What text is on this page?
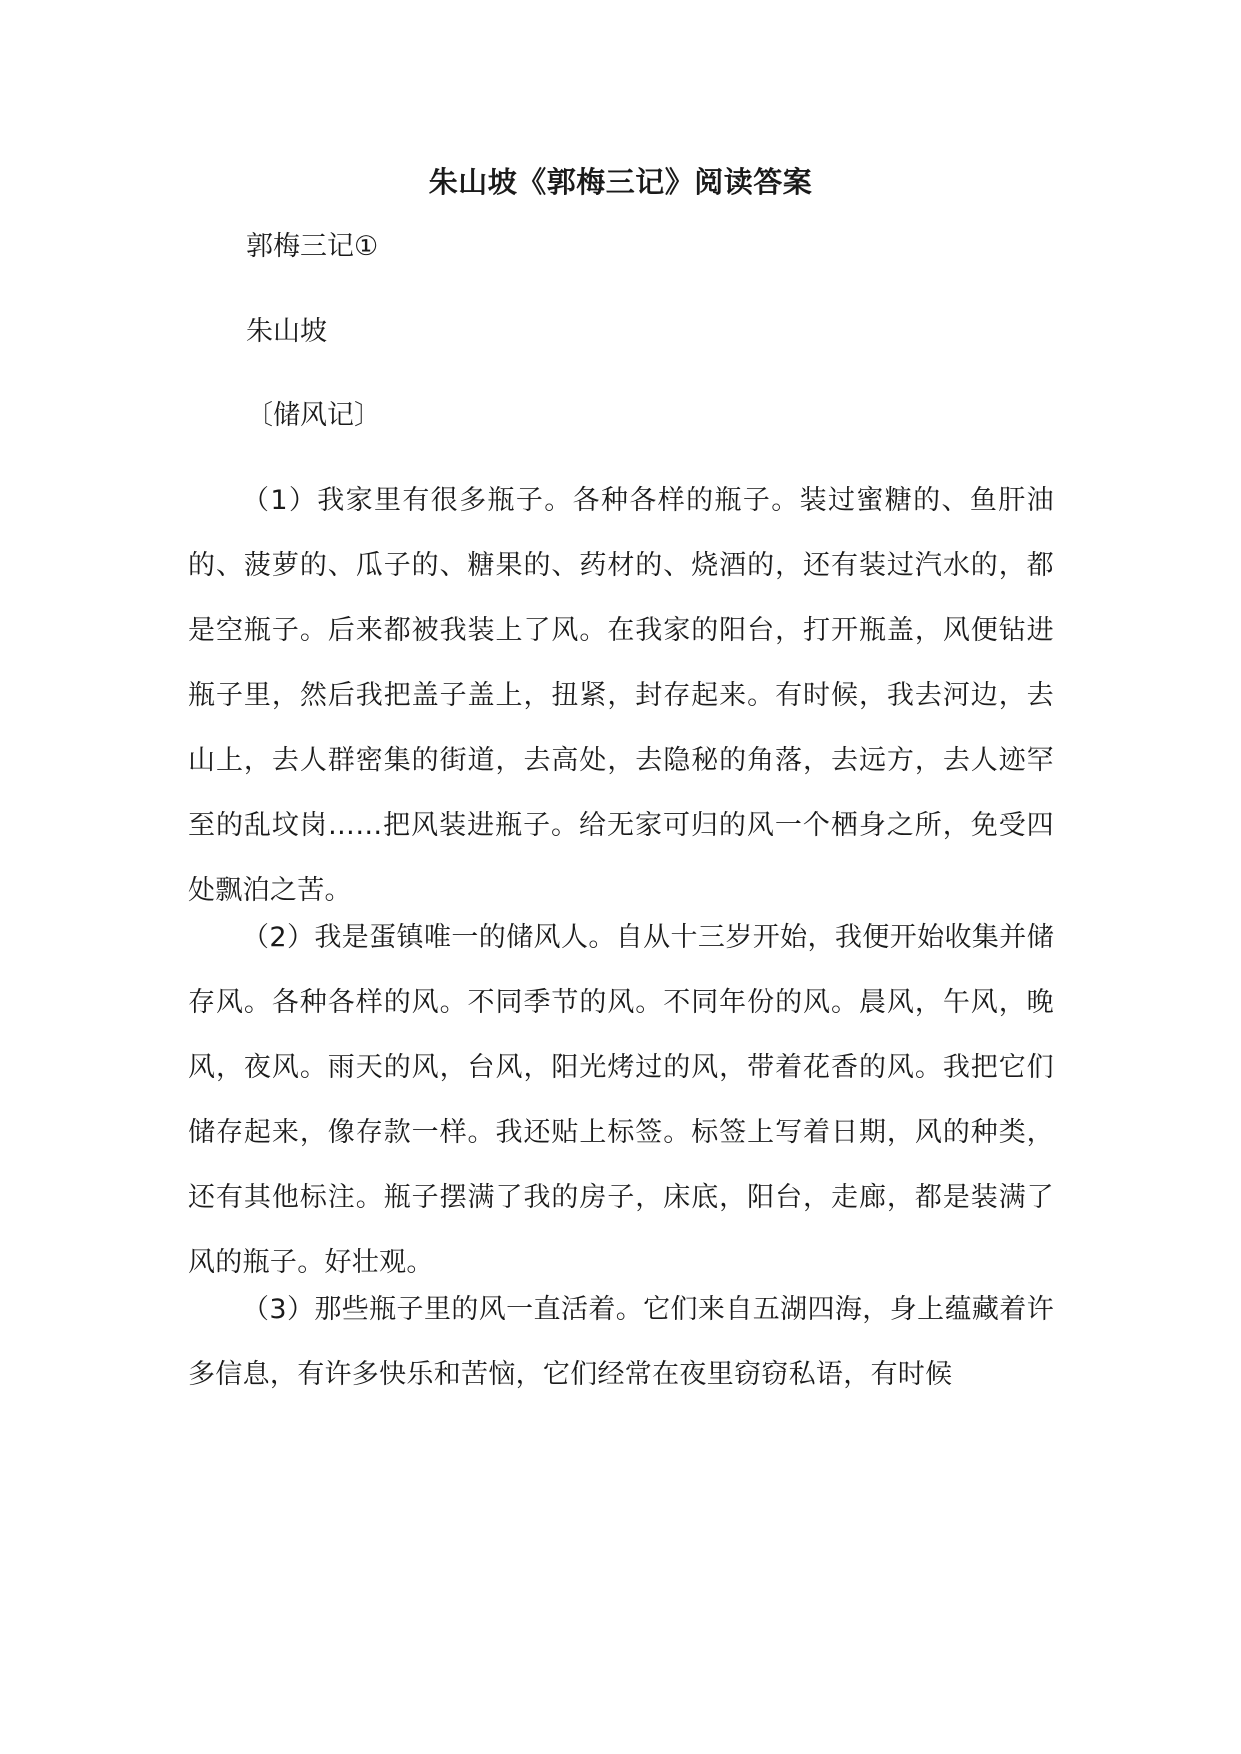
朱山坡《郭梅三记》阅读答案
郭梅三记①
朱山坡
〔储风记〕

（1）我家里有很多瓶子。各种各样的瓶子。装过蜜糖的、鱼肝油的、菠萝的、瓜子的、糖果的、药材的、烧酒的，还有装过汽水的，都是空瓶子。后来都被我装上了风。在我家的阳台，打开瓶盖，风便钻进瓶子里，然后我把盖子盖上，扭紧，封存起来。有时候，我去河边，去山上，去人群密集的街道，去高处，去隐秘的角落，去远方，去人迹罕至的乱坟岗……把风装进瓶子。给无家可归的风一个栖身之所，免受四处飘泊之苦。

（2）我是蛋镇唯一的储风人。自从十三岁开始，我便开始收集并储存风。各种各样的风。不同季节的风。不同年份的风。晨风，午风，晚风，夜风。雨天的风，台风，阳光烤过的风，带着花香的风。我把它们储存起来，像存款一样。我还贴上标签。标签上写着日期，风的种类，还有其他标注。瓶子摆满了我的房子，床底，阳台，走廊，都是装满了风的瓶子。好壮观。

（3）那些瓶子里的风一直活着。它们来自五湖四海，身上蕴藏着许多信息，有许多快乐和苦恼，它们经常在夜里窃窃私语，有时候
